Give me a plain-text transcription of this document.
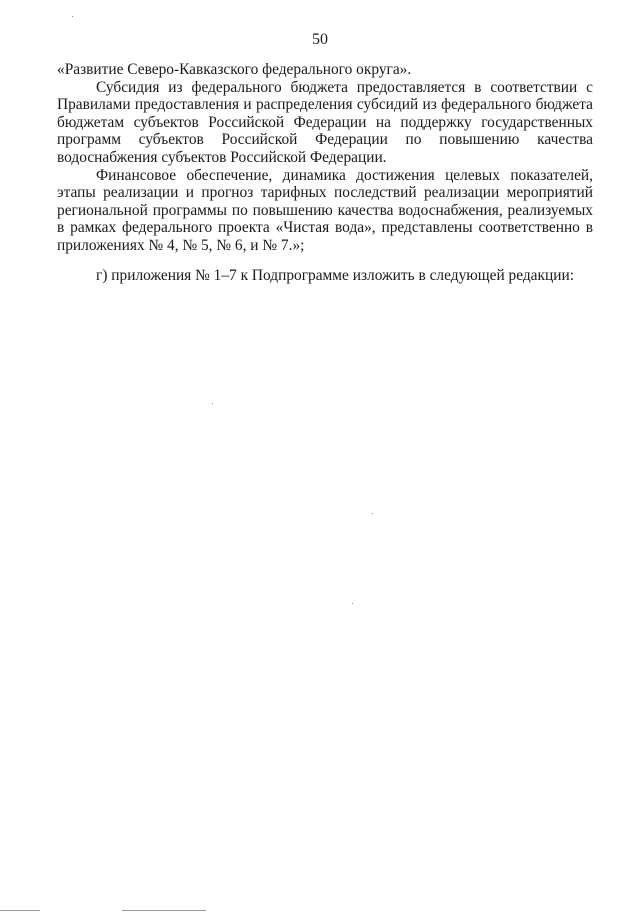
50

«Развитие Северо-Кавказского федерального округа».

Субсидия из федерального бюджета предоставляется в соответствии с Правилами предоставления и распределения субсидий из федерального бюджета бюджетам субъектов Российской Федерации на поддержку государственных программ субъектов Российской Федерации по повышению качества водоснабжения субъектов Российской Федерации.

Финансовое обеспечение, динамика достижения целевых показателей, этапы реализации и прогноз тарифных последствий реализации мероприятий региональной программы по повышению качества водоснабжения, реализуемых в рамках федерального проекта «Чистая вода», представлены соответственно в приложениях № 4, № 5, № 6, и № 7.»;

г) приложения № 1–7 к Подпрограмме изложить в следующей редакции:
